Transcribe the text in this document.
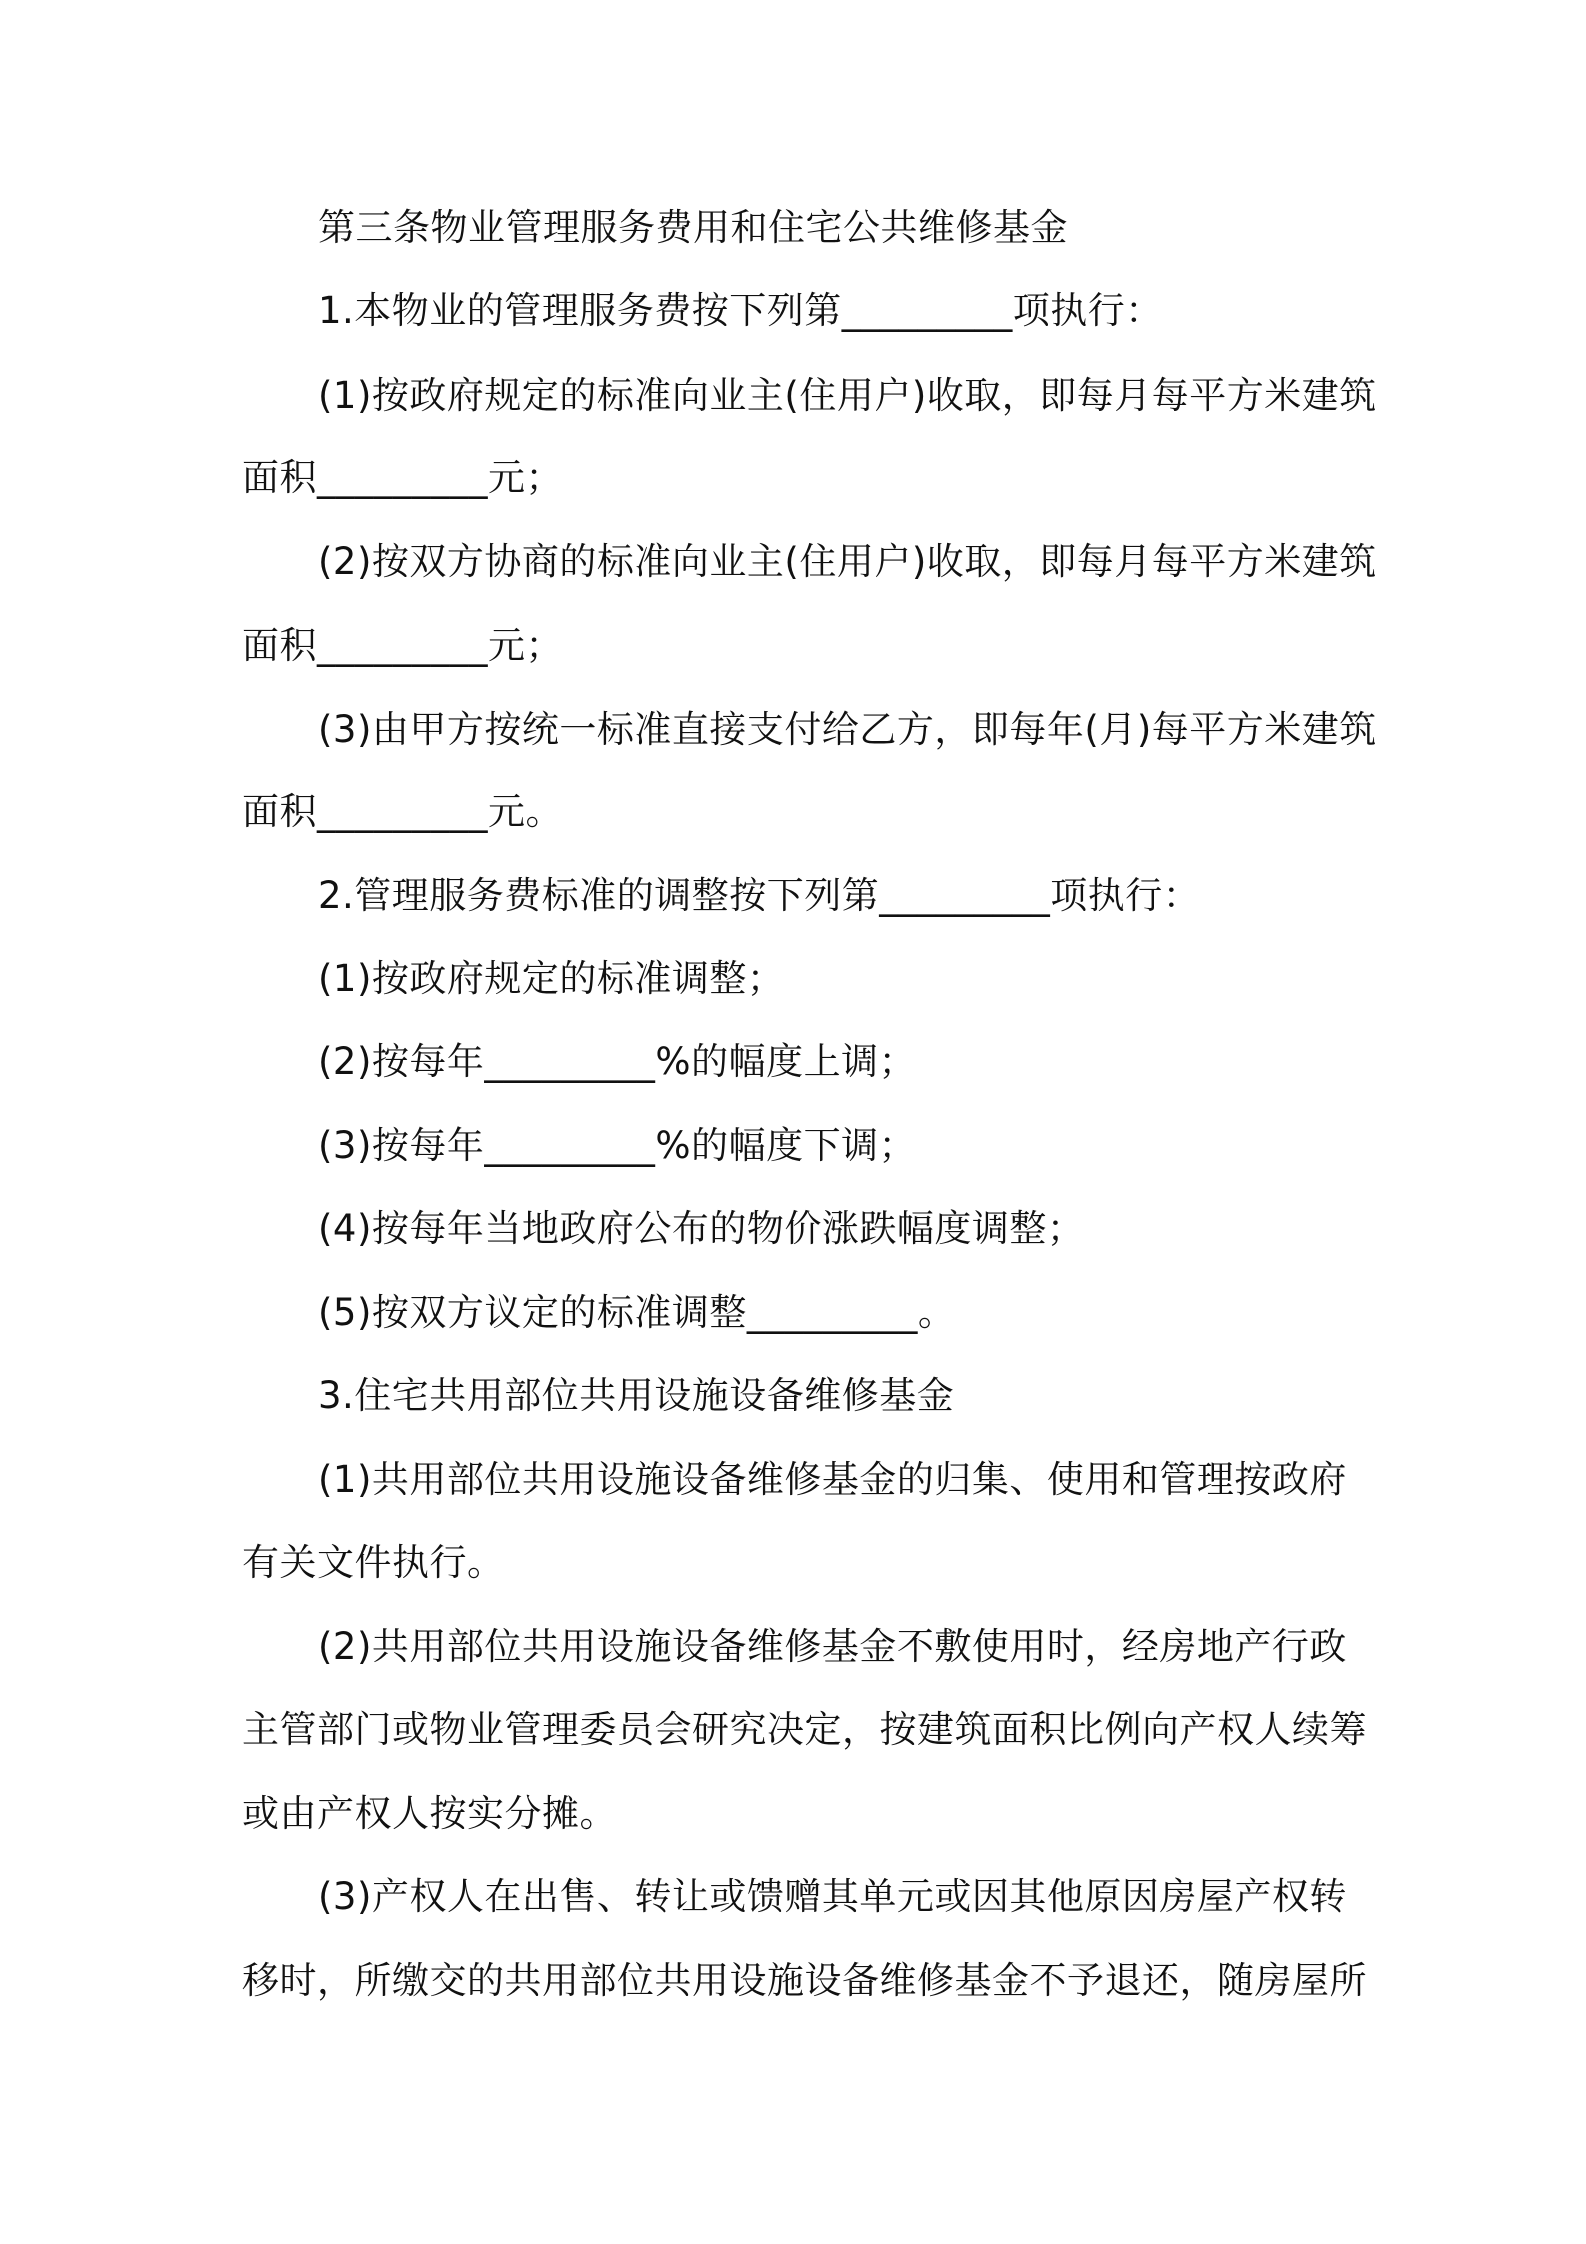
第三条物业管理服务费用和住宅公共维修基金
1.本物业的管理服务费按下列第_________项执行：
(1)按政府规定的标准向业主(住用户)收取，即每月每平方米建筑
面积_________元；
(2)按双方协商的标准向业主(住用户)收取，即每月每平方米建筑
面积_________元；
(3)由甲方按统一标准直接支付给乙方，即每年(月)每平方米建筑
面积_________元。
2.管理服务费标准的调整按下列第_________项执行：
(1)按政府规定的标准调整；
(2)按每年_________%的幅度上调；
(3)按每年_________%的幅度下调；
(4)按每年当地政府公布的物价涨跌幅度调整；
(5)按双方议定的标准调整_________。
3.住宅共用部位共用设施设备维修基金
(1)共用部位共用设施设备维修基金的归集、使用和管理按政府
有关文件执行。
(2)共用部位共用设施设备维修基金不敷使用时，经房地产行政
主管部门或物业管理委员会研究决定，按建筑面积比例向产权人续筹
或由产权人按实分摊。
(3)产权人在出售、转让或馈赠其单元或因其他原因房屋产权转
移时，所缴交的共用部位共用设施设备维修基金不予退还，随房屋所
